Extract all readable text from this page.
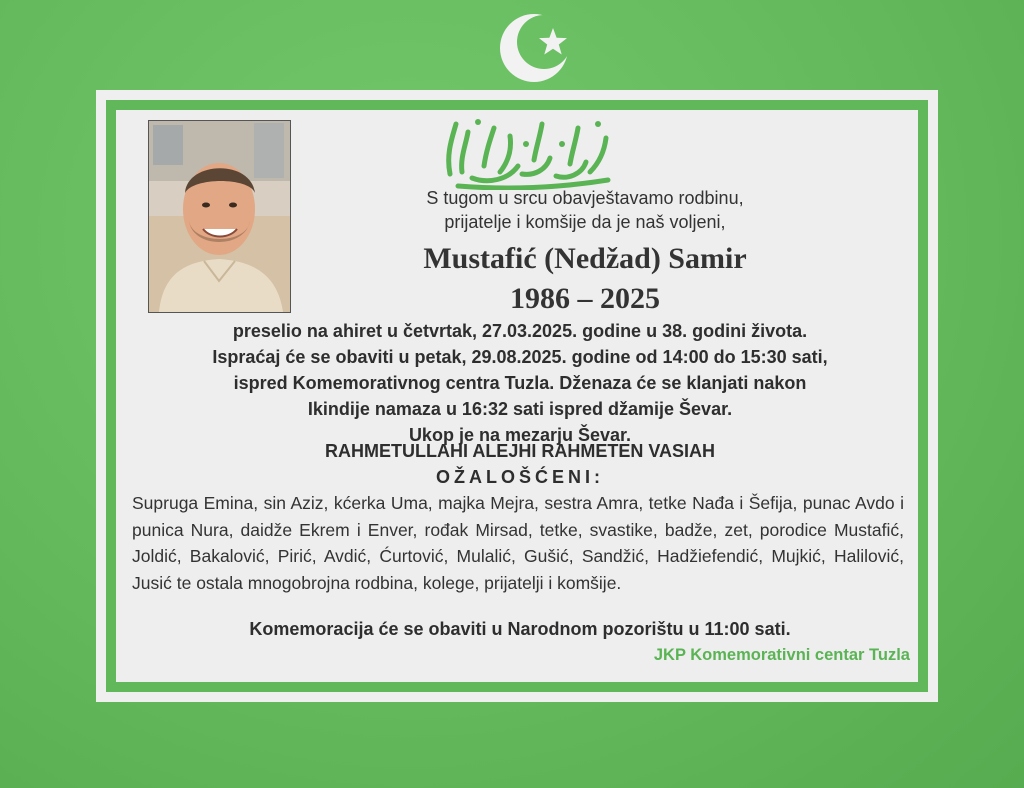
S tugom u srcu obavještavamo rodbinu,
prijatelje i komšije da je naš voljeni,
Mustafić (Nedžad) Samir
1986 – 2025
preselio na ahiret u četvrtak, 27.03.2025. godine u 38. godini života.
Ispraćaj će se obaviti u petak, 29.08.2025. godine od 14:00 do 15:30 sati,
ispred Komemorativnog centra Tuzla. Dženaza će se klanjati nakon
Ikindije namaza u 16:32 sati ispred džamije Ševar.
Ukop je na mezarju Ševar.
RAHMETULLAHI ALEJHI RAHMETEN VASIAH
OŽALOŠĆENI:
Supruga Emina, sin Aziz, kćerka Uma, majka Mejra, sestra Amra, tetke Nađa i Šefija, punac Avdo i punica Nura, daidže Ekrem i Enver, rođak Mirsad, tetke, svastike, badže, zet, porodice Mustafić, Joldić, Bakalović, Pirić, Avdić, Ćurtović, Mulalić, Gušić, Sandžić, Hadžiefendić, Mujkić, Halilović, Jusić te ostala mnogobrojna rodbina, kolege, prijatelji i komšije.
Komemoracija će se obaviti u Narodnom pozorištu u 11:00 sati.
JKP Komemorativni centar Tuzla
